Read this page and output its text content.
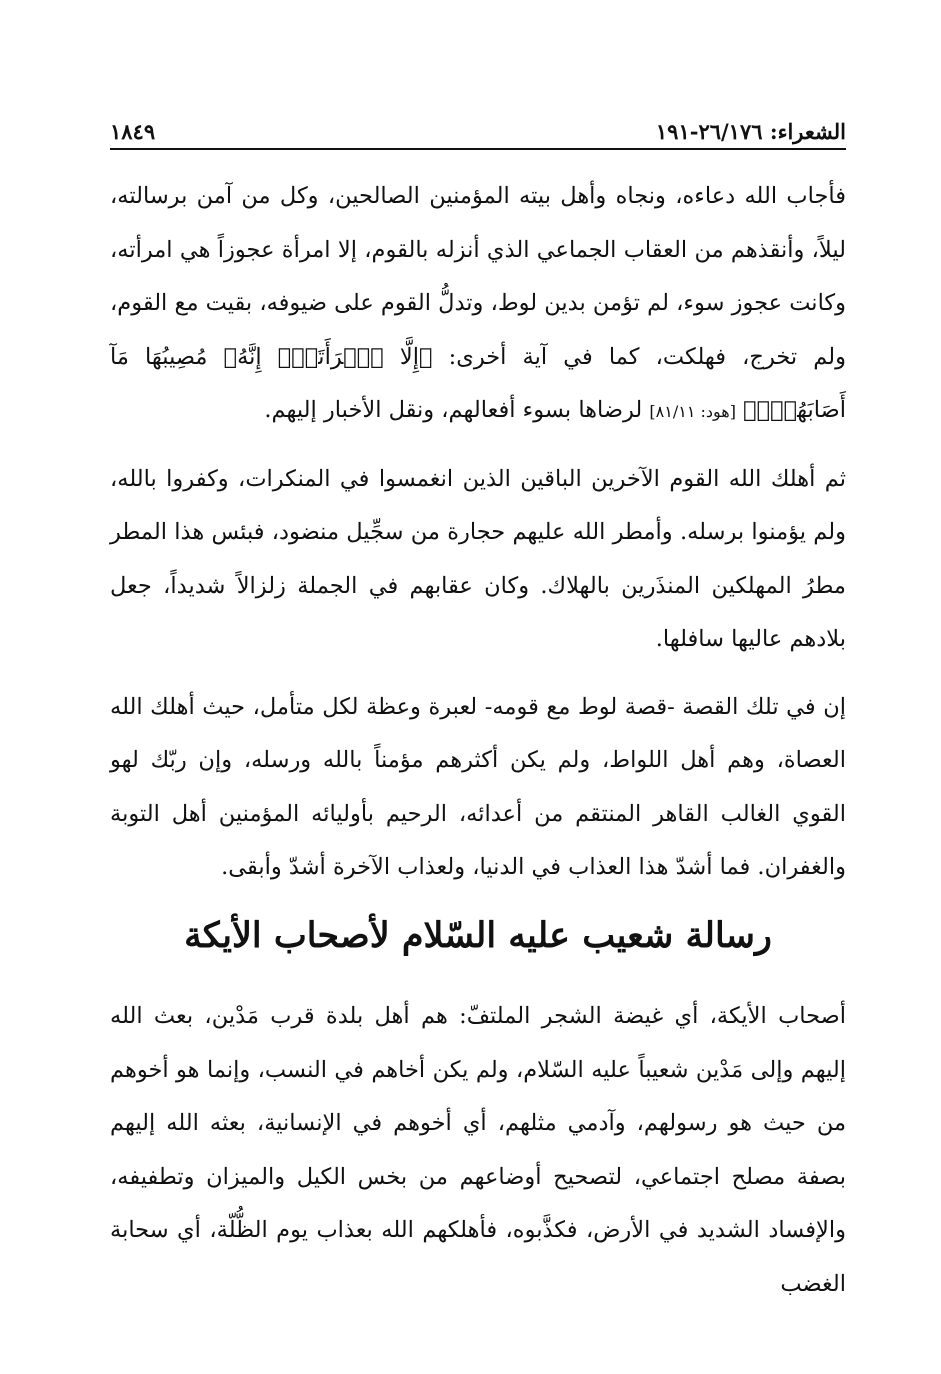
الشعراء: ٢٦/١٧٦-١٩١
١٨٤٩

فأجاب الله دعاءه، ونجاه وأهل بيته المؤمنين الصالحين، وكل من آمن برسالته، ليلاً، وأنقذهم من العقاب الجماعي الذي أنزله بالقوم، إلا امرأة عجوزاً هي امرأته، وكانت عجوز سوء، لم تؤمن بدين لوط، وتدلُّ القوم على ضيوفه، بقيت مع القوم، ولم تخرج، فهلكت، كما في آية أخرى: ﴿إِلَّا ٱمۡرَأَتَكَۖ إِنَّهُۥ مُصِيبُهَا مَآ أَصَابَهُمۡۚ﴾ [هود: ٨١/١١] لرضاها بسوء أفعالهم، ونقل الأخبار إليهم.

ثم أهلك الله القوم الآخرين الباقين الذين انغمسوا في المنكرات، وكفروا بالله، ولم يؤمنوا برسله. وأمطر الله عليهم حجارة من سجِّيل منضود، فبئس هذا المطر مطرُ المهلكين المنذَرين بالهلاك. وكان عقابهم في الجملة زلزالاً شديداً، جعل بلادهم عاليها سافلها.

إن في تلك القصة -قصة لوط مع قومه- لعبرة وعظة لكل متأمل، حيث أهلك الله العصاة، وهم أهل اللواط، ولم يكن أكثرهم مؤمناً بالله ورسله، وإن ربّك لهو القوي الغالب القاهر المنتقم من أعدائه، الرحيم بأوليائه المؤمنين أهل التوبة والغفران. فما أشدّ هذا العذاب في الدنيا، ولعذاب الآخرة أشدّ وأبقى.

رسالة شعيب عليه السّلام لأصحاب الأيكة

أصحاب الأيكة، أي غيضة الشجر الملتفّ: هم أهل بلدة قرب مَدْين، بعث الله إليهم وإلى مَدْين شعيباً عليه السّلام، ولم يكن أخاهم في النسب، وإنما هو أخوهم من حيث هو رسولهم، وآدمي مثلهم، أي أخوهم في الإنسانية، بعثه الله إليهم بصفة مصلح اجتماعي، لتصحيح أوضاعهم من بخس الكيل والميزان وتطفيفه، والإفساد الشديد في الأرض، فكذَّبوه، فأهلكهم الله بعذاب يوم الظُّلّة، أي سحابة الغضب
